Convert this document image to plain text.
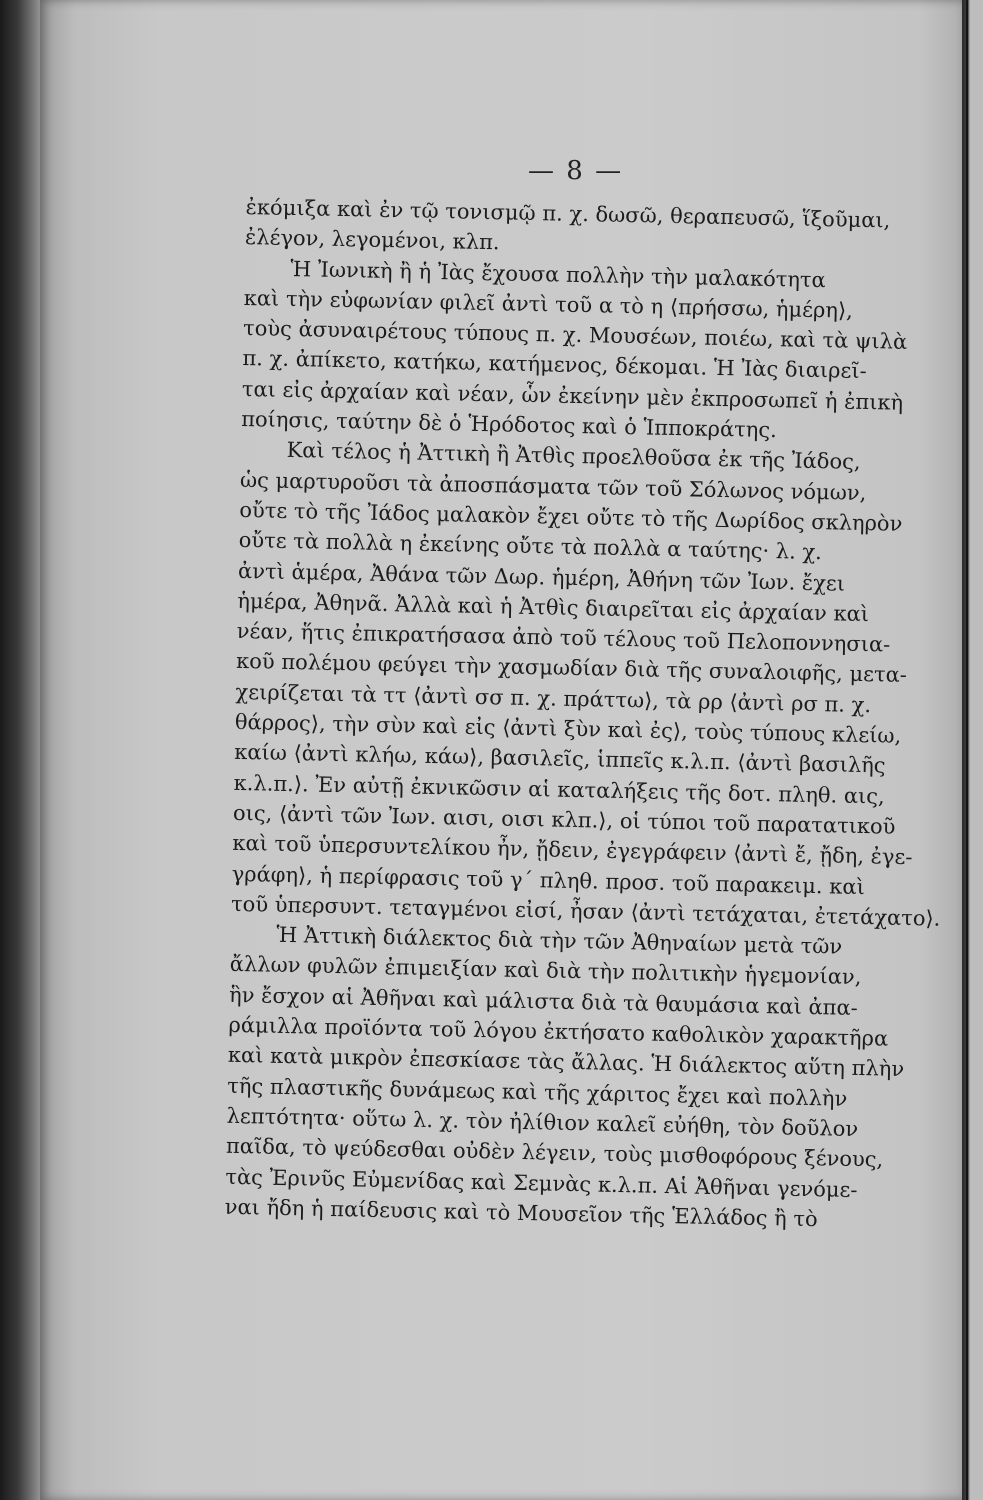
— 8 —
ἐκόμιξα καὶ ἐν τῷ τονισμῷ π. χ. δωσῶ, θεραπευσῶ, ἵξοῦμαι,
ἐλέγον, λεγομένοι, κλπ.
Ἡ Ἰωνικὴ ἢ ἡ Ἰὰς ἔχουσα πολλὴν τὴν μαλακότητα
καὶ τὴν εὐφωνίαν φιλεῖ ἀντὶ τοῦ α τὸ η ⟨πρήσσω, ἡμέρη⟩,
τοὺς ἀσυναιρέτους τύπους π. χ. Μουσέων, ποιέω, καὶ τὰ ψιλὰ
π. χ. ἀπίκετο, κατήκω, κατήμενος, δέκομαι. Ἡ Ἰὰς διαιρεῖ-
ται εἰς ἀρχαίαν καὶ νέαν, ὧν ἐκείνην μὲν ἐκπροσωπεῖ ἡ ἐπικὴ
ποίησις, ταύτην δὲ ὁ Ἡρόδοτος καὶ ὁ Ἱπποκράτης.
Καὶ τέλος ἡ Ἀττικὴ ἢ Ἀτθὶς προελθοῦσα ἐκ τῆς Ἰάδος,
ὡς μαρτυροῦσι τὰ ἀποσπάσματα τῶν τοῦ Σόλωνος νόμων,
οὔτε τὸ τῆς Ἰάδος μαλακὸν ἔχει οὔτε τὸ τῆς Δωρίδος σκληρὸν
οὔτε τὰ πολλὰ η ἐκείνης οὔτε τὰ πολλὰ α ταύτης· λ. χ.
ἀντὶ ἁμέρα, Ἀθάνα τῶν Δωρ. ἡμέρη, Ἀθήνη τῶν Ἰων. ἔχει
ἡμέρα, Ἀθηνᾶ. Ἀλλὰ καὶ ἡ Ἀτθὶς διαιρεῖται εἰς ἀρχαίαν καὶ
νέαν, ἥτις ἐπικρατήσασα ἀπὸ τοῦ τέλους τοῦ Πελοποννησια-
κοῦ πολέμου φεύγει τὴν χασμωδίαν διὰ τῆς συναλοιφῆς, μετα-
χειρίζεται τὰ ττ ⟨ἀντὶ σσ π. χ. πράττω⟩, τὰ ρρ ⟨ἀντὶ ρσ π. χ.
θάρρος⟩, τὴν σὺν καὶ εἰς ⟨ἀντὶ ξὺν καὶ ἐς⟩, τοὺς τύπους κλείω,
καίω ⟨ἀντὶ κλήω, κάω⟩, βασιλεῖς, ἱππεῖς κ.λ.π. ⟨ἀντὶ βασιλῆς
κ.λ.π.⟩. Ἐν αὐτῇ ἐκνικῶσιν αἱ καταλήξεις τῆς δοτ. πληθ. αις,
οις, ⟨ἀντὶ τῶν Ἰων. αισι, οισι κλπ.⟩, οἱ τύποι τοῦ παρατατικοῦ
καὶ τοῦ ὑπερσυντελίκου ἦν, ᾔδειν, ἐγεγράφειν ⟨ἀντὶ ἔ, ᾔδη, ἐγε-
γράφη⟩, ἡ περίφρασις τοῦ γ΄ πληθ. προσ. τοῦ παρακειμ. καὶ
τοῦ ὑπερσυντ. τεταγμένοι εἰσί, ἦσαν ⟨ἀντὶ τετάχαται, ἐτετάχατο⟩.
Ἡ Ἀττικὴ διάλεκτος διὰ τὴν τῶν Ἀθηναίων μετὰ τῶν
ἄλλων φυλῶν ἐπιμειξίαν καὶ διὰ τὴν πολιτικὴν ἡγεμονίαν,
ἣν ἔσχον αἱ Ἀθῆναι καὶ μάλιστα διὰ τὰ θαυμάσια καὶ ἀπα-
ράμιλλα προϊόντα τοῦ λόγου ἐκτήσατο καθολικὸν χαρακτῆρα
καὶ κατὰ μικρὸν ἐπεσκίασε τὰς ἄλλας. Ἡ διάλεκτος αὕτη πλὴν
τῆς πλαστικῆς δυνάμεως καὶ τῆς χάριτος ἔχει καὶ πολλὴν
λεπτότητα· οὕτω λ. χ. τὸν ἠλίθιον καλεῖ εὐήθη, τὸν δοῦλον
παῖδα, τὸ ψεύδεσθαι οὐδὲν λέγειν, τοὺς μισθοφόρους ξένους,
τὰς Ἐρινῦς Εὐμενίδας καὶ Σεμνὰς κ.λ.π. Αἱ Ἀθῆναι γενόμε-
ναι ἤδη ἡ παίδευσις καὶ τὸ Μουσεῖον τῆς Ἑλλάδος ἢ τὸ
